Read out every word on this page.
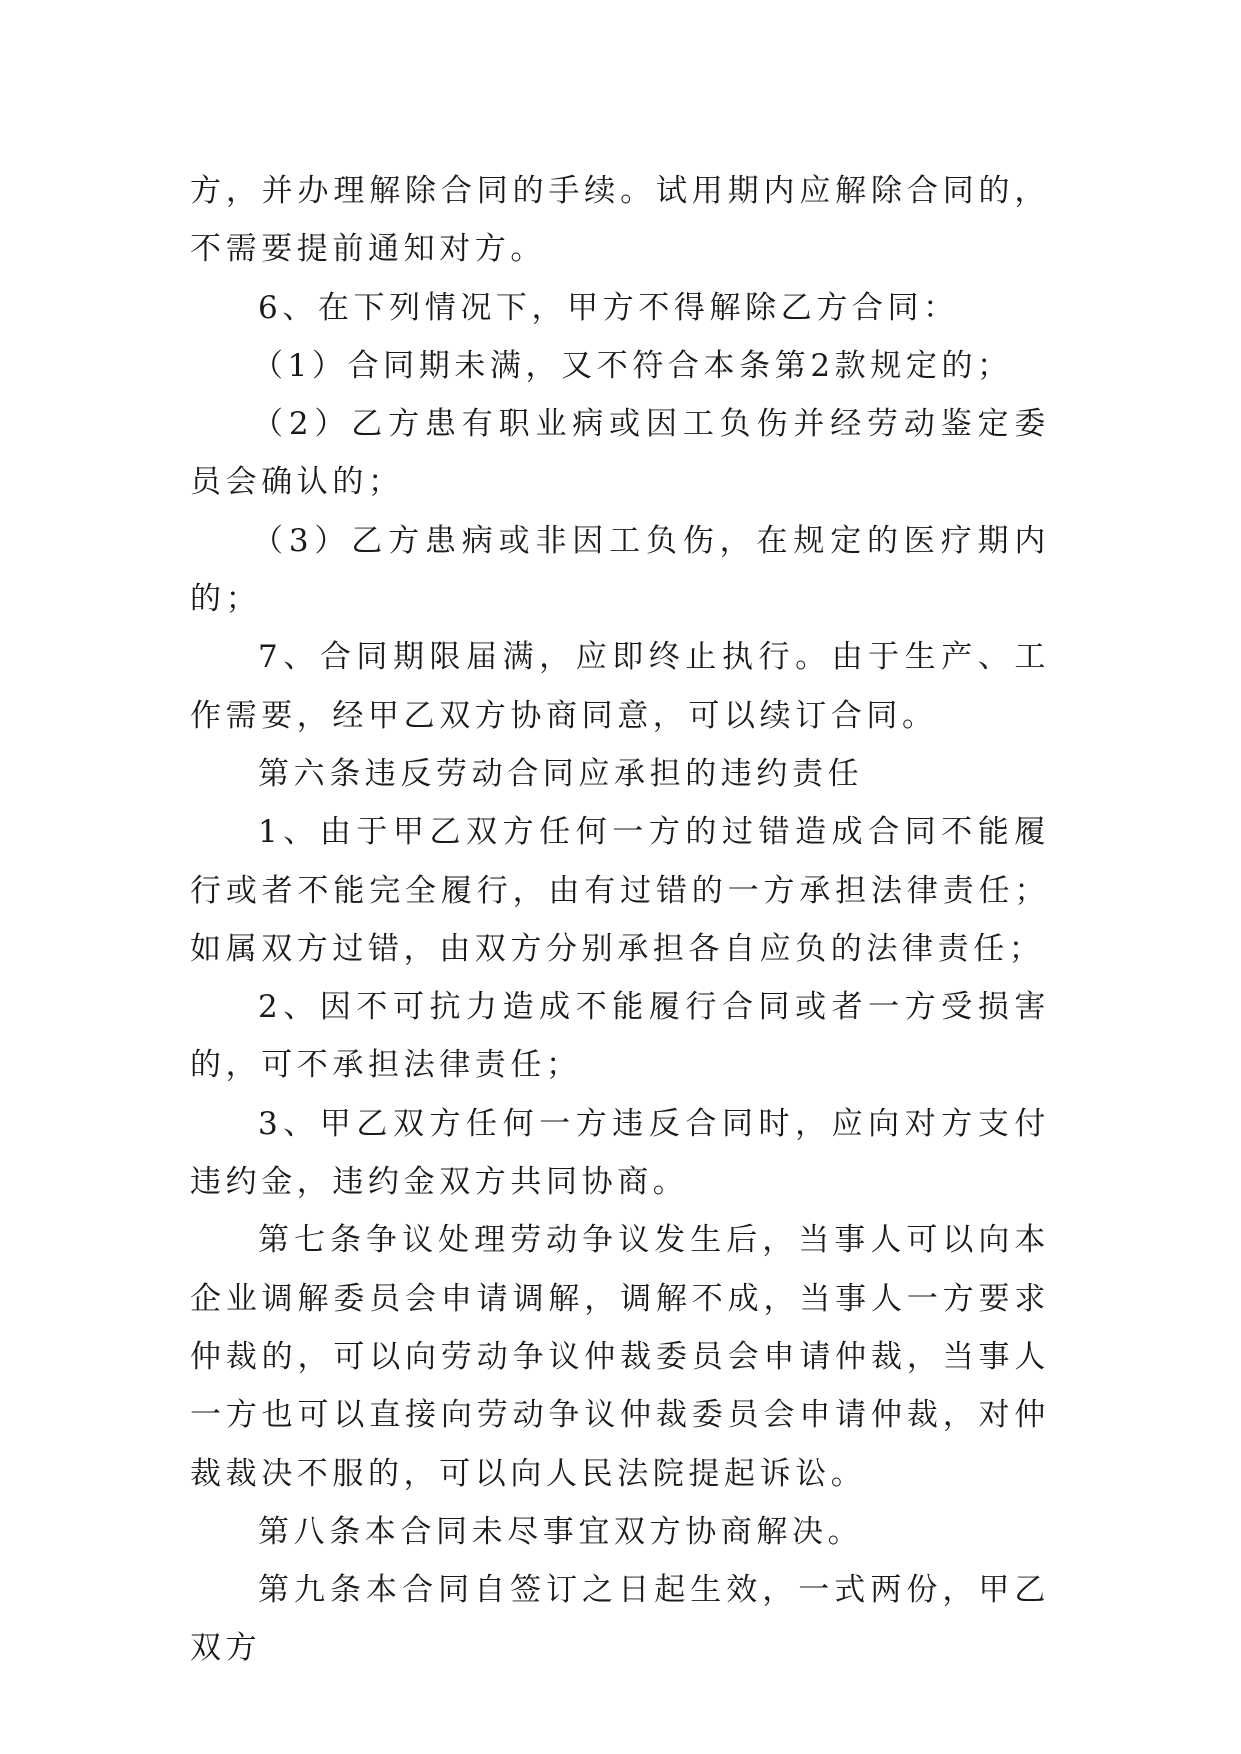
方，并办理解除合同的手续。试用期内应解除合同的，不需要提前通知对方。

6、在下列情况下，甲方不得解除乙方合同：

（1）合同期未满，又不符合本条第2款规定的；

（2）乙方患有职业病或因工负伤并经劳动鉴定委员会确认的；

（3）乙方患病或非因工负伤，在规定的医疗期内的；

7、合同期限届满，应即终止执行。由于生产、工作需要，经甲乙双方协商同意，可以续订合同。

第六条违反劳动合同应承担的违约责任

1、由于甲乙双方任何一方的过错造成合同不能履行或者不能完全履行，由有过错的一方承担法律责任；如属双方过错，由双方分别承担各自应负的法律责任；

2、因不可抗力造成不能履行合同或者一方受损害的，可不承担法律责任；

3、甲乙双方任何一方违反合同时，应向对方支付违约金，违约金双方共同协商。

第七条争议处理劳动争议发生后，当事人可以向本企业调解委员会申请调解，调解不成，当事人一方要求仲裁的，可以向劳动争议仲裁委员会申请仲裁，当事人一方也可以直接向劳动争议仲裁委员会申请仲裁，对仲裁裁决不服的，可以向人民法院提起诉讼。

第八条本合同未尽事宜双方协商解决。

第九条本合同自签订之日起生效，一式两份，甲乙双方
